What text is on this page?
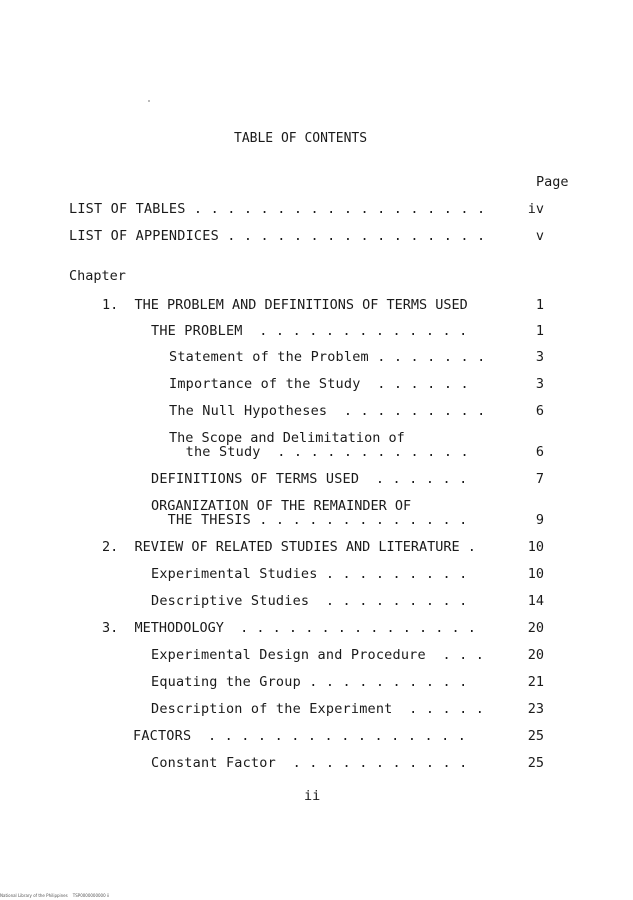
TABLE OF CONTENTS
Page
LIST OF TABLES . . . . . . . . . . . . . . . . . .	iv
LIST OF APPENDICES . . . . . . . . . . . . . . . .	v
Chapter
1.  THE PROBLEM AND DEFINITIONS OF TERMS USED	1
THE PROBLEM  . . . . . . . . . . . . .	1
Statement of the Problem . . . . . . .	3
Importance of the Study  . . . . . .	3
The Null Hypotheses  . . . . . . . . .	6
The Scope and Delimitation of
the Study  . . . . . . . . . . . .	6
DEFINITIONS OF TERMS USED  . . . . . .	7
ORGANIZATION OF THE REMAINDER OF
THE THESIS . . . . . . . . . . . . .	9
2.  REVIEW OF RELATED STUDIES AND LITERATURE .	10
Experimental Studies . . . . . . . . .	10
Descriptive Studies  . . . . . . . . .	14
3.  METHODOLOGY  . . . . . . . . . . . . . . .	20
Experimental Design and Procedure  . . .	20
Equating the Group . . . . . . . . . .	21
Description of the Experiment  . . . . .	23
FACTORS  . . . . . . . . . . . . . . . .	25
Constant Factor  . . . . . . . . . . .	25
ii
National Library of the Philippines    TSP0000000000 ii
